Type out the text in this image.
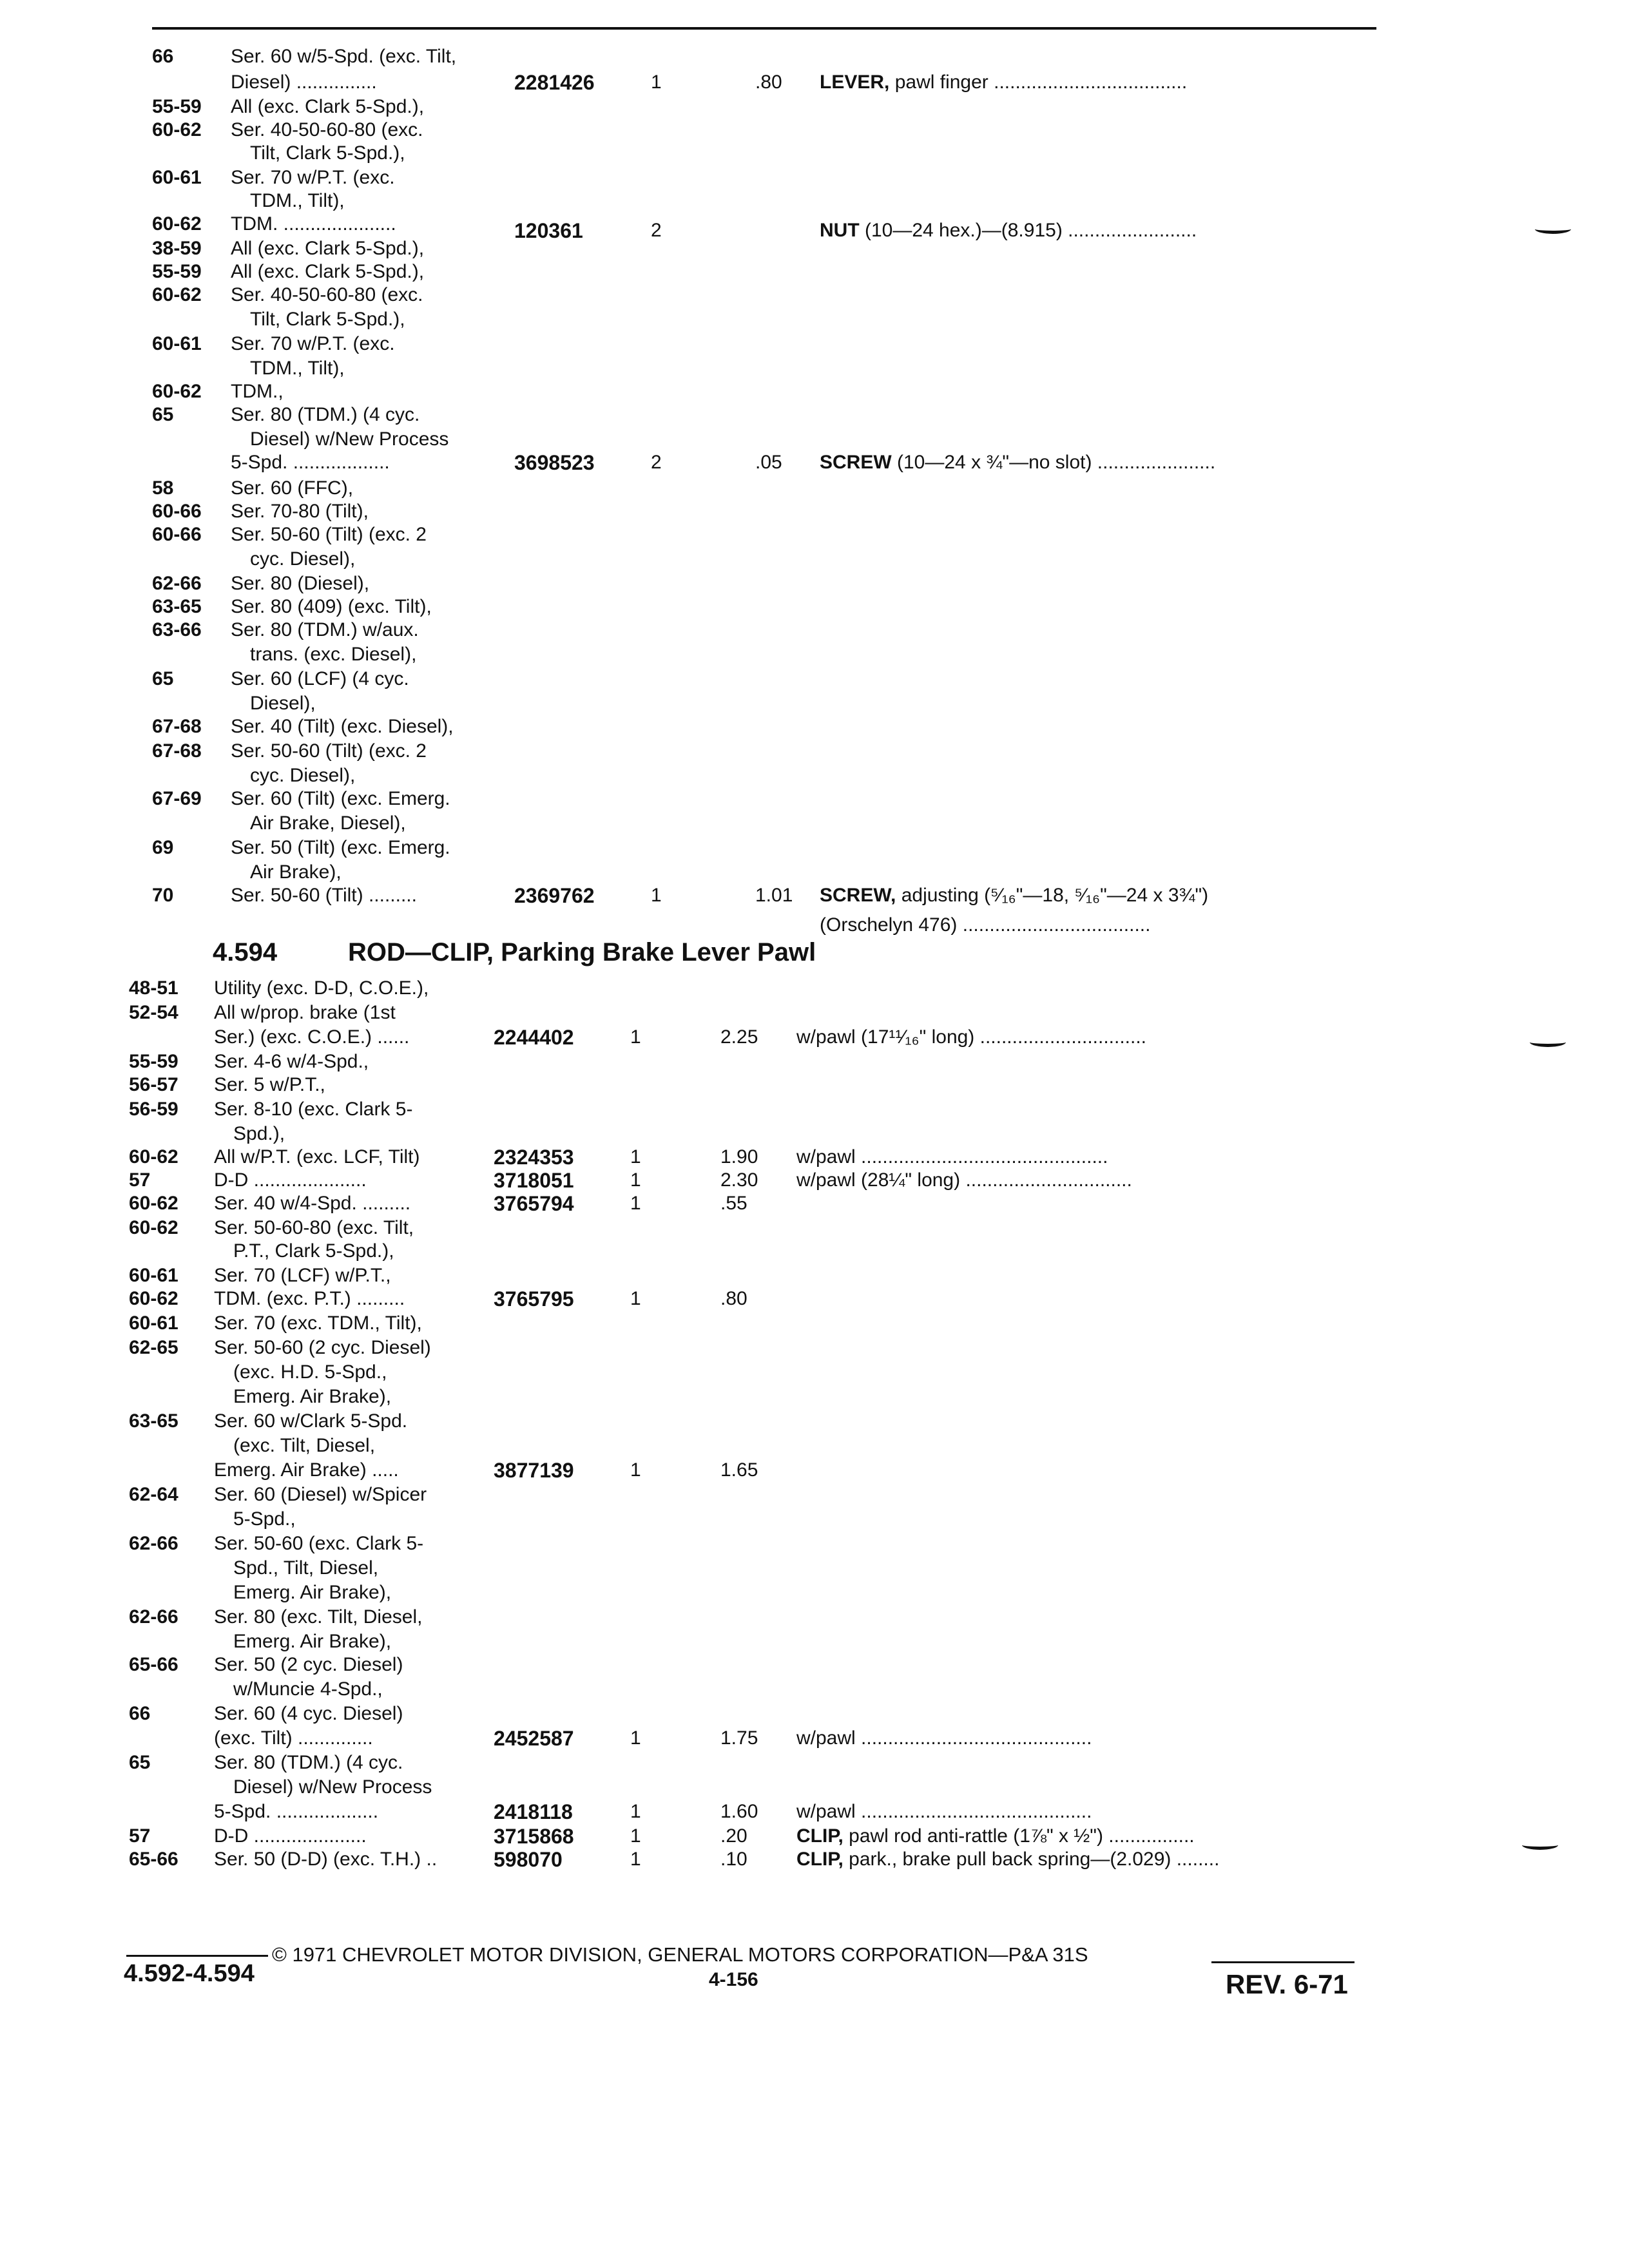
66	Ser. 60 w/5-Spd. (exc. Tilt,
Diesel) ...............	2281426	1	.80 LEVER, pawl finger ....................................
55-59 All (exc. Clark 5-Spd.),
60-62 Ser. 40-50-60-80 (exc.
Tilt, Clark 5-Spd.),
60-61 Ser. 70 w/P.T. (exc.
TDM., Tilt),
60-62 TDM. .....................	120361	2	NUT (10—24 hex.)—(8.915) ........................
38-59 All (exc. Clark 5-Spd.),
55-59 All (exc. Clark 5-Spd.),
60-62 Ser. 40-50-60-80 (exc.
Tilt, Clark 5-Spd.),
60-61 Ser. 70 w/P.T. (exc.
TDM., Tilt),
60-62 TDM.,
65	Ser. 80 (TDM.) (4 cyc.
Diesel) w/New Process
5-Spd. ..................	3698523	2	.05 SCREW (10—24 x ¾"—no slot) ......................
58	Ser. 60 (FFC),
60-66 Ser. 70-80 (Tilt),
60-66 Ser. 50-60 (Tilt) (exc. 2
cyc. Diesel),
62-66 Ser. 80 (Diesel),
63-65 Ser. 80 (409) (exc. Tilt),
63-66 Ser. 80 (TDM.) w/aux.
trans. (exc. Diesel),
65	Ser. 60 (LCF) (4 cyc.
Diesel),
67-68 Ser. 40 (Tilt) (exc. Diesel),
67-68 Ser. 50-60 (Tilt) (exc. 2
cyc. Diesel),
67-69 Ser. 60 (Tilt) (exc. Emerg.
Air Brake, Diesel),
69	Ser. 50 (Tilt) (exc. Emerg.
Air Brake),
70	Ser. 50-60 (Tilt) .........	2369762	1	1.01 SCREW, adjusting (⁵⁄₁₆"—18, ⁵⁄₁₆"—24 x 3¾")
(Orschelyn 476) ...................................
4.594	ROD—CLIP, Parking Brake Lever Pawl
48-51 Utility (exc. D-D, C.O.E.),
52-54 All w/prop. brake (1st
Ser.) (exc. C.O.E.) ......	2244402	1	2.25 w/pawl (17¹¹⁄₁₆" long) ...............................
55-59 Ser. 4-6 w/4-Spd.,
56-57 Ser. 5 w/P.T.,
56-59 Ser. 8-10 (exc. Clark 5-
Spd.),
60-62 All w/P.T. (exc. LCF, Tilt)	2324353	1	1.90 w/pawl ..............................................
57	D-D .....................	3718051	1	2.30 w/pawl (28¼" long) ...............................
60-62 Ser. 40 w/4-Spd. .........	3765794	1	.55
60-62 Ser. 50-60-80 (exc. Tilt,
P.T., Clark 5-Spd.),
60-61 Ser. 70 (LCF) w/P.T.,
60-62 TDM. (exc. P.T.) .........	3765795	1	.80
60-61 Ser. 70 (exc. TDM., Tilt),
62-65 Ser. 50-60 (2 cyc. Diesel)
(exc. H.D. 5-Spd.,
Emerg. Air Brake),
63-65 Ser. 60 w/Clark 5-Spd.
(exc. Tilt, Diesel,
Emerg. Air Brake) .....	3877139	1	1.65
62-64 Ser. 60 (Diesel) w/Spicer
5-Spd.,
62-66 Ser. 50-60 (exc. Clark 5-
Spd., Tilt, Diesel,
Emerg. Air Brake),
62-66 Ser. 80 (exc. Tilt, Diesel,
Emerg. Air Brake),
65-66 Ser. 50 (2 cyc. Diesel)
w/Muncie 4-Spd.,
66	Ser. 60 (4 cyc. Diesel)
(exc. Tilt) ..............	2452587	1	1.75 w/pawl ...........................................
65	Ser. 80 (TDM.) (4 cyc.
Diesel) w/New Process
5-Spd. ...................	2418118	1	1.60 w/pawl ...........................................
57	D-D .....................	3715868	1	.20	CLIP, pawl rod anti-rattle (1⅞" x ½") ................
65-66 Ser. 50 (D-D) (exc. T.H.) ..	598070	1	.10	CLIP, park., brake pull back spring—(2.029) ........
© 1971 CHEVROLET MOTOR DIVISION, GENERAL MOTORS CORPORATION—P&A 31S
4.592-4.594	4-156	REV. 6-71
